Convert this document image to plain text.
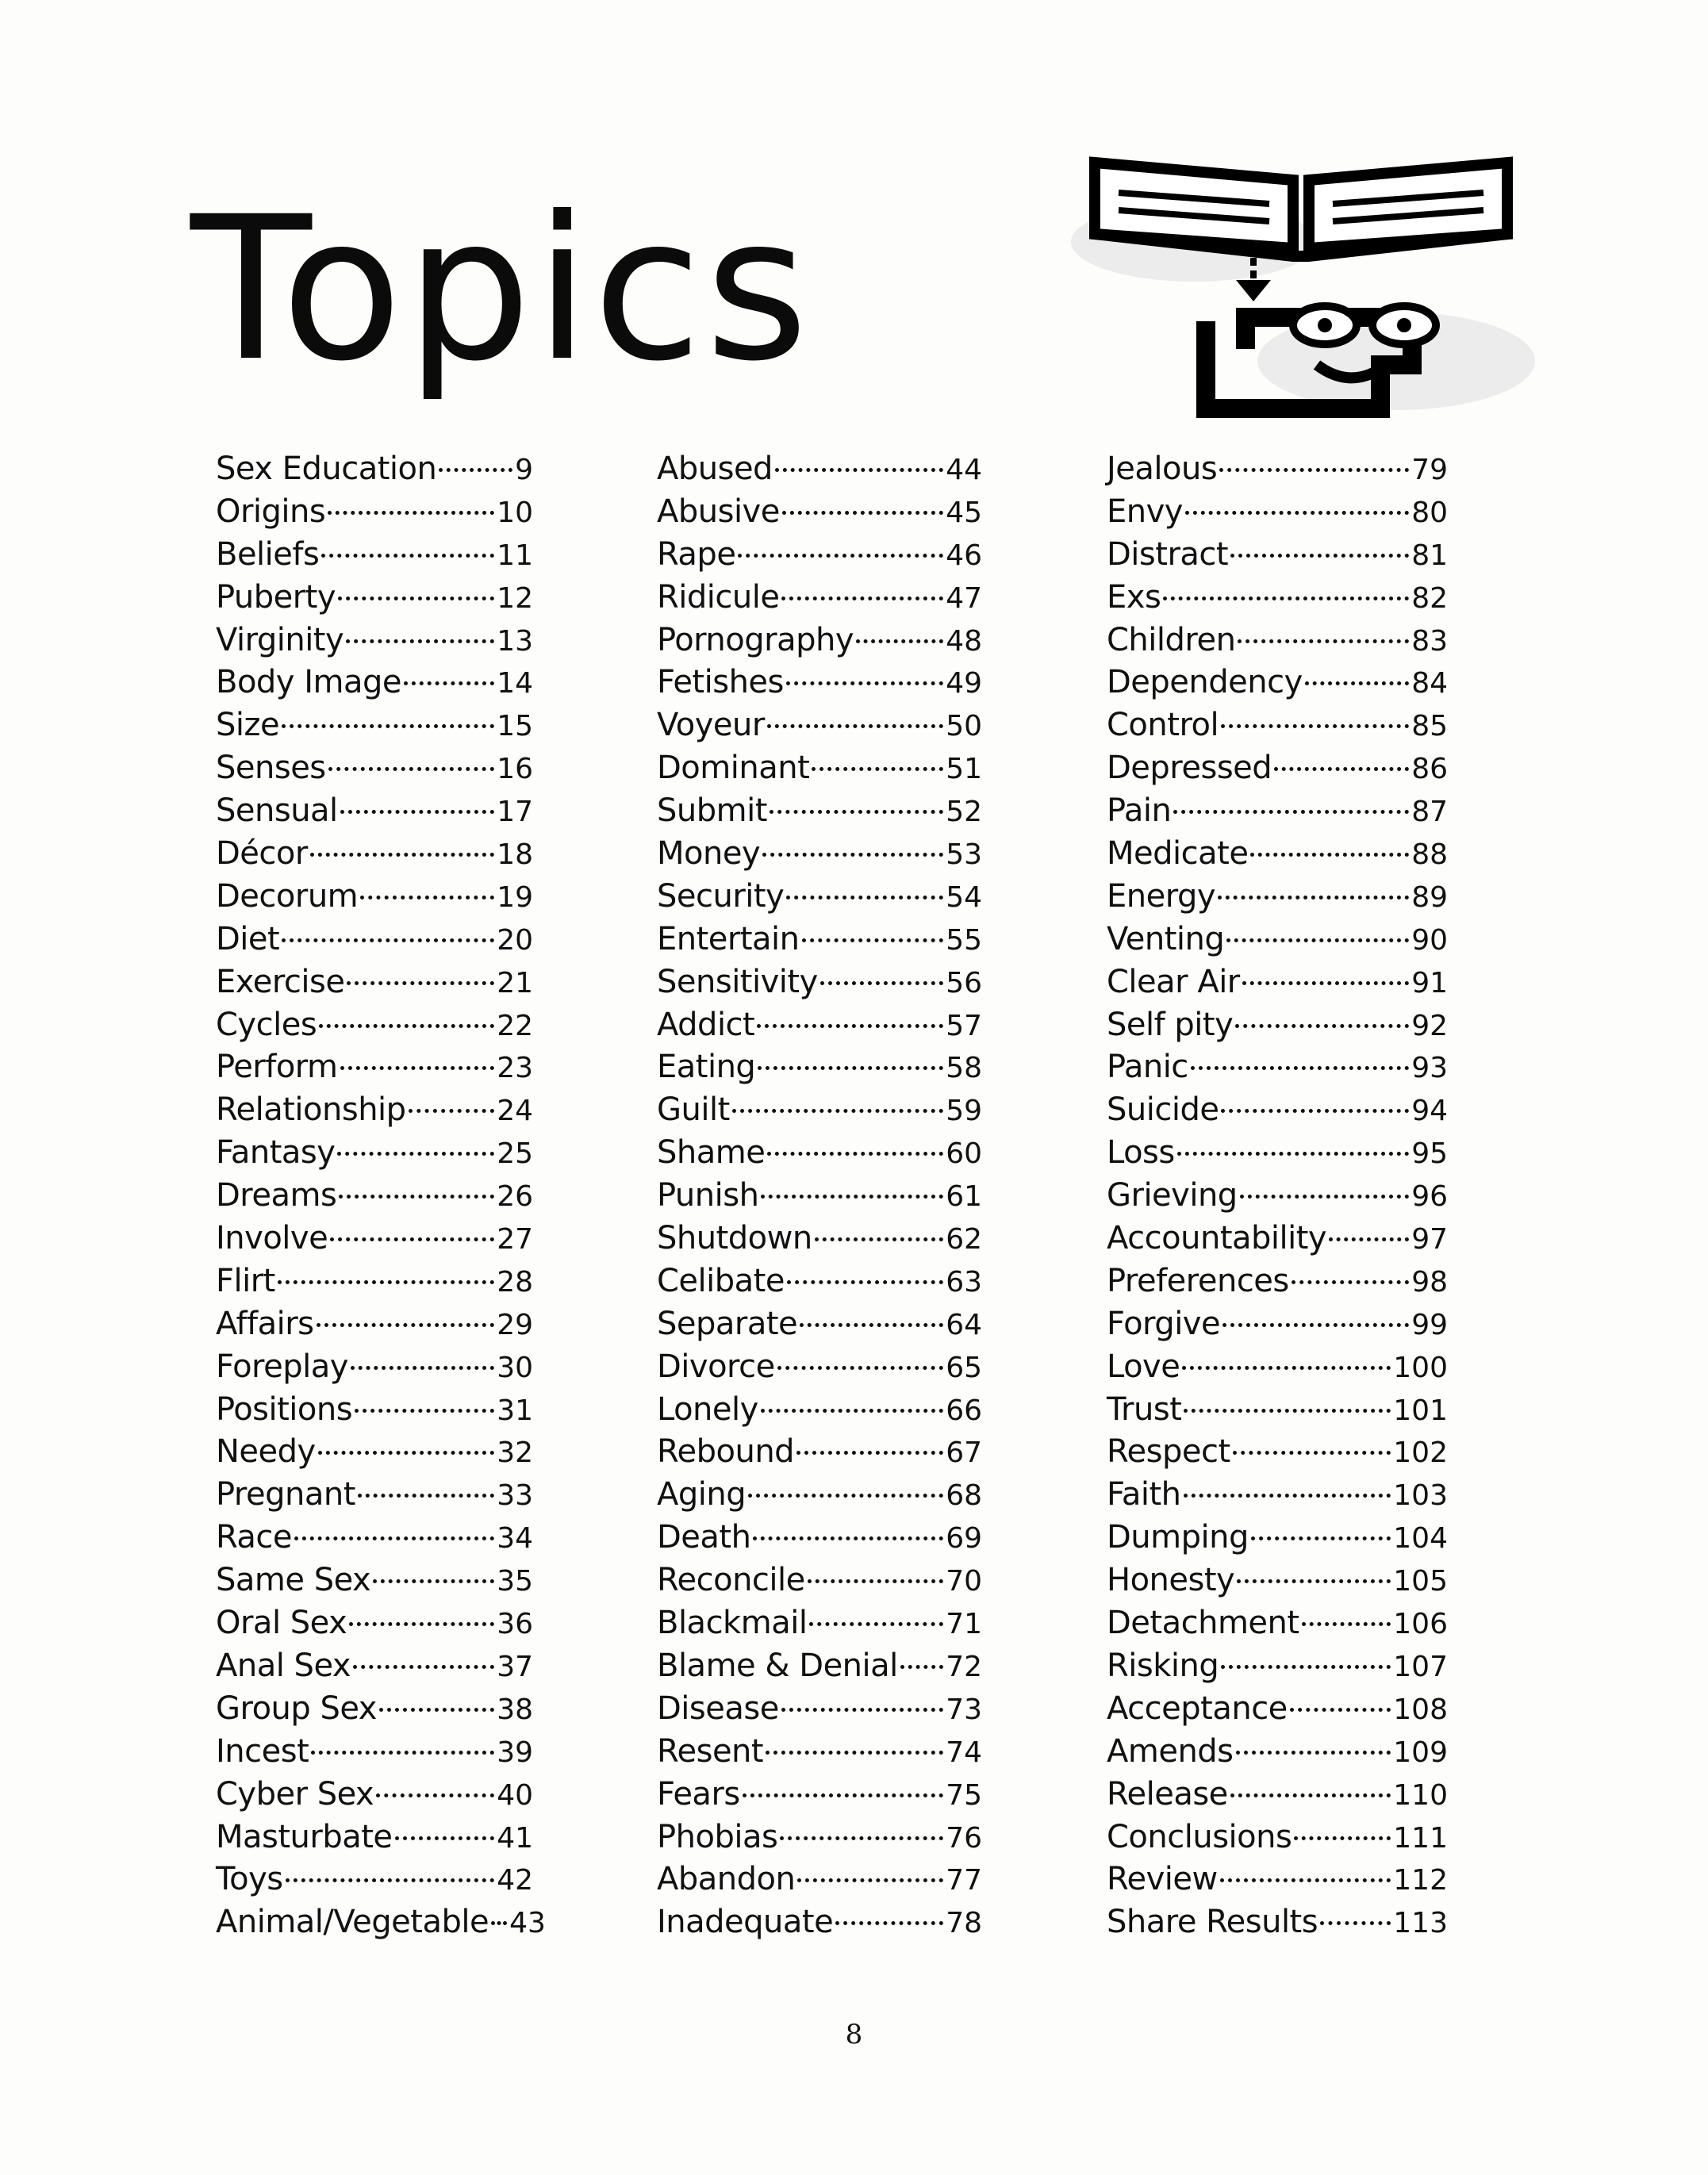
Topics
Sex Education	9
Origins	10
Beliefs	11
Puberty	12
Virginity	13
Body Image	14
Size	15
Senses	16
Sensual	17
Décor	18
Decorum	19
Diet	20
Exercise	21
Cycles	22
Perform	23
Relationship	24
Fantasy	25
Dreams	26
Involve	27
Flirt	28
Affairs	29
Foreplay	30
Positions	31
Needy	32
Pregnant	33
Race	34
Same Sex	35
Oral Sex	36
Anal Sex	37
Group Sex	38
Incest	39
Cyber Sex	40
Masturbate	41
Toys	42
Animal/Vegetable 43
Abused	44
Abusive	45
Rape	46
Ridicule	47
Pornography	48
Fetishes	49
Voyeur	50
Dominant	51
Submit	52
Money	53
Security	54
Entertain	55
Sensitivity	56
Addict	57
Eating	58
Guilt	59
Shame	60
Punish	61
Shutdown	62
Celibate	63
Separate	64
Divorce	65
Lonely	66
Rebound	67
Aging	68
Death	69
Reconcile	70
Blackmail	71
Blame & Denial 72
Disease	73
Resent	74
Fears	75
Phobias	76
Abandon	77
Inadequate	78
Jealous	79
Envy	80
Distract	81
Exs	82
Children	83
Dependency	84
Control	85
Depressed	86
Pain	87
Medicate	88
Energy	89
Venting	90
Clear Air	91
Self pity	92
Panic	93
Suicide	94
Loss	95
Grieving	96
Accountability	97
Preferences	98
Forgive	99
Love	100
Trust	101
Respect	102
Faith	103
Dumping	104
Honesty	105
Detachment	106
Risking	107
Acceptance	108
Amends	109
Release	110
Conclusions	111
Review	112
Share Results	113
8
